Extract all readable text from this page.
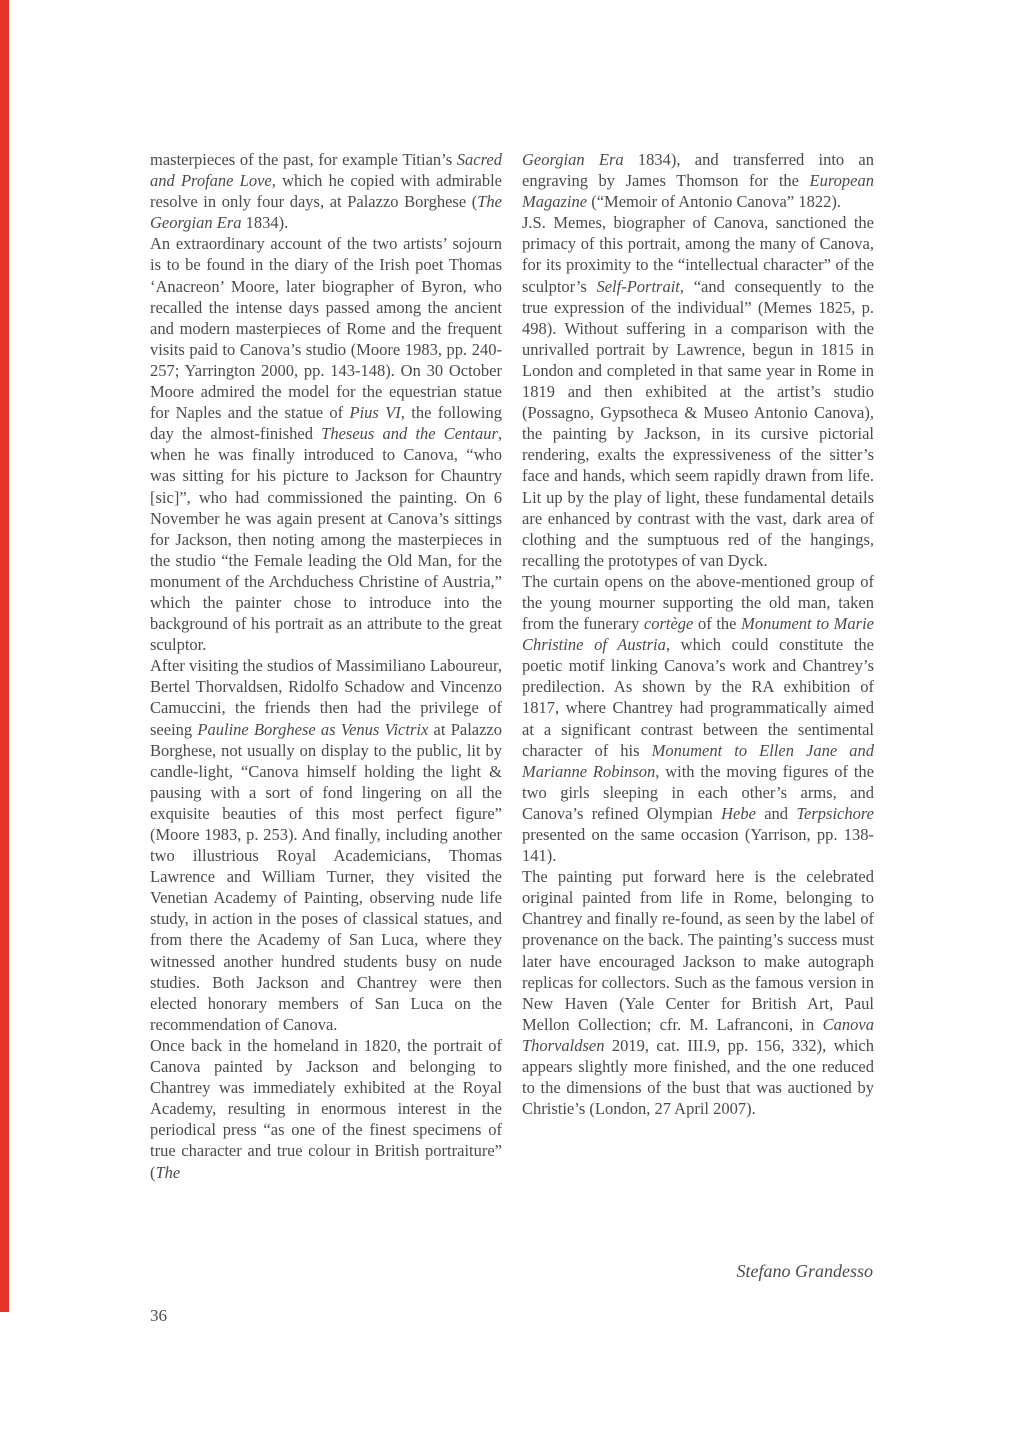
masterpieces of the past, for example Titian’s Sacred and Profane Love, which he copied with admirable resolve in only four days, at Palazzo Borghese (The Georgian Era 1834).

An extraordinary account of the two artists’ sojourn is to be found in the diary of the Irish poet Thomas ‘Anacreon’ Moore, later biographer of Byron, who recalled the intense days passed among the ancient and modern masterpieces of Rome and the frequent visits paid to Canova’s studio (Moore 1983, pp. 240-257; Yarrington 2000, pp. 143-148). On 30 October Moore admired the model for the equestrian statue for Naples and the statue of Pius VI, the following day the almost-finished Theseus and the Centaur, when he was finally introduced to Canova, “who was sitting for his picture to Jackson for Chauntry [sic]”, who had commissioned the painting. On 6 November he was again present at Canova’s sittings for Jackson, then noting among the masterpieces in the studio “the Female leading the Old Man, for the monument of the Archduchess Christine of Austria,” which the painter chose to introduce into the background of his portrait as an attribute to the great sculptor.

After visiting the studios of Massimiliano Laboureur, Bertel Thorvaldsen, Ridolfo Schadow and Vincenzo Camuccini, the friends then had the privilege of seeing Pauline Borghese as Venus Victrix at Palazzo Borghese, not usually on display to the public, lit by candle-light, “Canova himself holding the light & pausing with a sort of fond lingering on all the exquisite beauties of this most perfect figure” (Moore 1983, p. 253). And finally, including another two illustrious Royal Academicians, Thomas Lawrence and William Turner, they visited the Venetian Academy of Painting, observing nude life study, in action in the poses of classical statues, and from there the Academy of San Luca, where they witnessed another hundred students busy on nude studies. Both Jackson and Chantrey were then elected honorary members of San Luca on the recommendation of Canova.

Once back in the homeland in 1820, the portrait of Canova painted by Jackson and belonging to Chantrey was immediately exhibited at the Royal Academy, resulting in enormous interest in the periodical press “as one of the finest specimens of true character and true colour in British portraiture” (The

Georgian Era 1834), and transferred into an engraving by James Thomson for the European Magazine (“Memoir of Antonio Canova” 1822).

J.S. Memes, biographer of Canova, sanctioned the primacy of this portrait, among the many of Canova, for its proximity to the “intellectual character” of the sculptor’s Self-Portrait, “and consequently to the true expression of the individual” (Memes 1825, p. 498). Without suffering in a comparison with the unrivalled portrait by Lawrence, begun in 1815 in London and completed in that same year in Rome in 1819 and then exhibited at the artist’s studio (Possagno, Gypsotheca & Museo Antonio Canova), the painting by Jackson, in its cursive pictorial rendering, exalts the expressiveness of the sitter’s face and hands, which seem rapidly drawn from life. Lit up by the play of light, these fundamental details are enhanced by contrast with the vast, dark area of clothing and the sumptuous red of the hangings, recalling the prototypes of van Dyck.

The curtain opens on the above-mentioned group of the young mourner supporting the old man, taken from the funerary cortège of the Monument to Marie Christine of Austria, which could constitute the poetic motif linking Canova’s work and Chantrey’s predilection. As shown by the RA exhibition of 1817, where Chantrey had programmatically aimed at a significant contrast between the sentimental character of his Monument to Ellen Jane and Marianne Robinson, with the moving figures of the two girls sleeping in each other’s arms, and Canova’s refined Olympian Hebe and Terpsichore presented on the same occasion (Yarrison, pp. 138-141).

The painting put forward here is the celebrated original painted from life in Rome, belonging to Chantrey and finally re-found, as seen by the label of provenance on the back. The painting’s success must later have encouraged Jackson to make autograph replicas for collectors. Such as the famous version in New Haven (Yale Center for British Art, Paul Mellon Collection; cfr. M. Lafranconi, in Canova Thorvaldsen 2019, cat. III.9, pp. 156, 332), which appears slightly more finished, and the one reduced to the dimensions of the bust that was auctioned by Christie’s (London, 27 April 2007).

Stefano Grandesso
36
